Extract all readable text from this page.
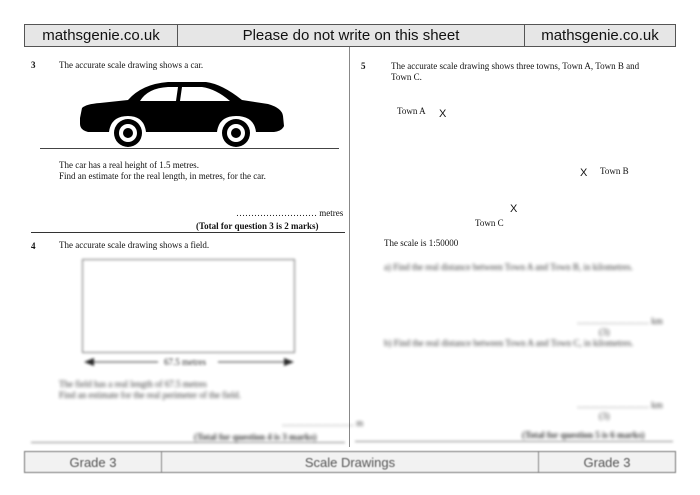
mathsgenie.co.uk	Please do not write on this sheet	mathsgenie.co.uk
3	The accurate scale drawing shows a car.
The car has a real height of 1.5 metres.
Find an estimate for the real length, in metres, for the car.
……………………… metres
(Total for question 3 is 2 marks)
4	The accurate scale drawing shows a field.
67.5 metres
The field has a real length of 67.5 metres
Find an estimate for the real perimeter of the field.
…………………… m
(Total for question 4 is 3 marks)
5	The accurate scale drawing shows three towns, Town A, Town B and
Town C.
Town A X
Town B
X
X
Town C
The scale is 1:50000
a) Find the real distance between Town A and Town B, in kilometres.
…………………… km
(3)
b) Find the real distance between Town A and Town C, in kilometres.
…………………… km
(3)
(Total for question 5 is 6 marks)
Grade 3	Scale Drawings	Grade 3
